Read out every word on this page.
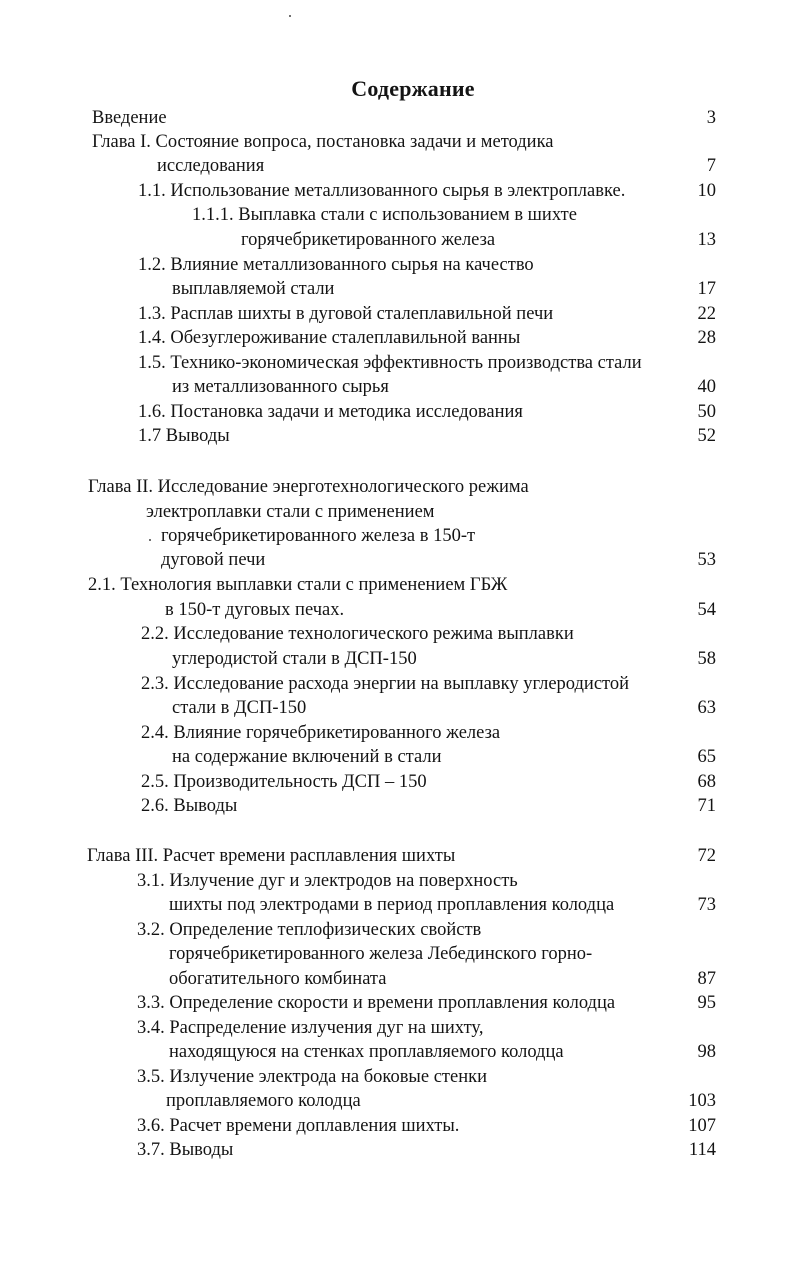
Содержание
Введение
Глава I. Состояние вопроса, постановка задачи и методика
исследования
1.1. Использование металлизованного сырья в электроплавке.
1.1.1. Выплавка стали с использованием в шихте
горячебрикетированного железа
1.2. Влияние металлизованного сырья на качество
выплавляемой стали
1.3. Расплав шихты в дуговой сталеплавильной печи
1.4. Обезуглероживание сталеплавильной ванны
1.5. Технико-экономическая эффективность производства стали
из металлизованного сырья
1.6. Постановка задачи и методика исследования
1.7 Выводы
Глава II. Исследование энерготехнологического режима
электроплавки стали с применением
горячебрикетированного железа в 150-т
дуговой печи
2.1. Технология выплавки стали с применением ГБЖ
в 150-т дуговых печах.
2.2. Исследование технологического режима выплавки
углеродистой стали в ДСП-150
2.3. Исследование расхода энергии на выплавку углеродистой
стали в ДСП-150
2.4. Влияние горячебрикетированного железа
на содержание включений в стали
2.5. Производительность ДСП – 150
2.6. Выводы
Глава III. Расчет времени расплавления шихты
3.1. Излучение дуг и электродов на поверхность
шихты под электродами в период проплавления колодца
3.2. Определение теплофизических свойств
горячебрикетированного железа Лебединского горно-
обогатительного комбината
3.3. Определение скорости и времени проплавления колодца
3.4. Распределение излучения дуг на шихту,
находящуюся на стенках проплавляемого колодца
3.5. Излучение электрода на боковые стенки
проплавляемого колодца
3.6. Расчет времени доплавления шихты.
3.7. Выводы
3
7
10
13
17
22
28
40
50
52
53
54
58
63
65
68
71
72
73
87
95
98
103
107
114
